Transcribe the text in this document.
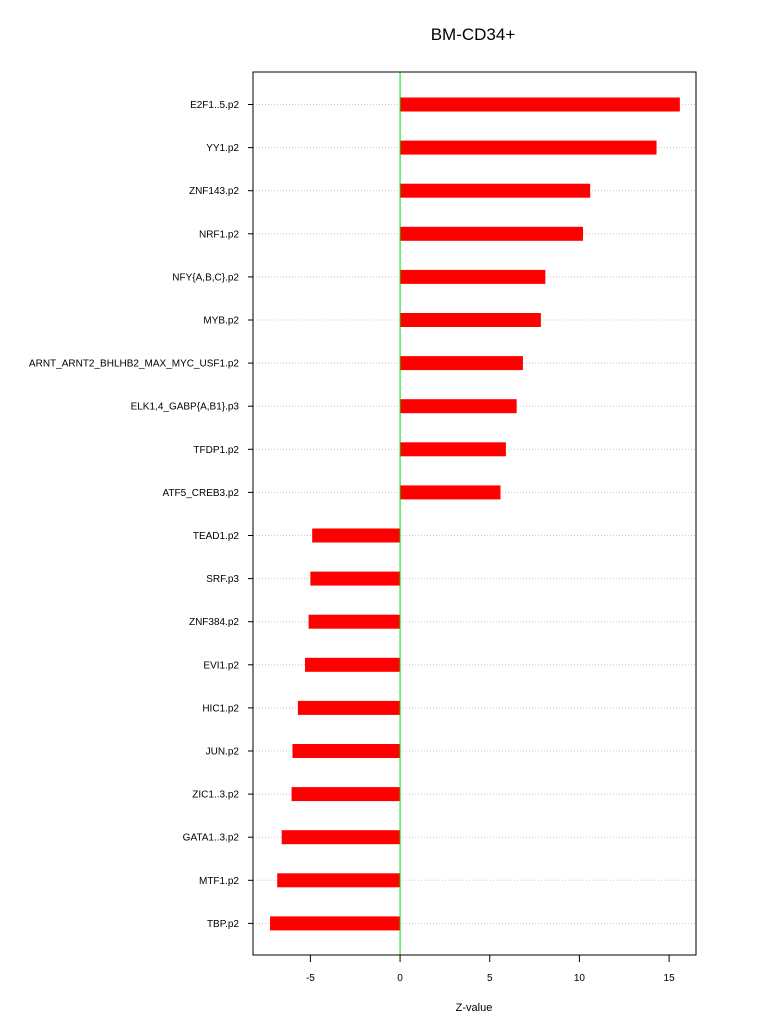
BM-CD34+
E2F1..5.p2
YY1.p2
ZNF143.p2
NRF1.p2
NFY{A,B,C}.p2
MYB.p2
ARNT_ARNT2_BHLHB2_MAX_MYC_USF1.p2
ELK1,4_GABP{A,B1}.p3
TFDP1.p2
ATF5_CREB3.p2
TEAD1.p2
SRF.p3
ZNF384.p2
EVI1.p2
HIC1.p2
JUN.p2
ZIC1..3.p2
GATA1..3.p2
MTF1.p2
TBP.p2
-5	0	5	10	15
Z-value
